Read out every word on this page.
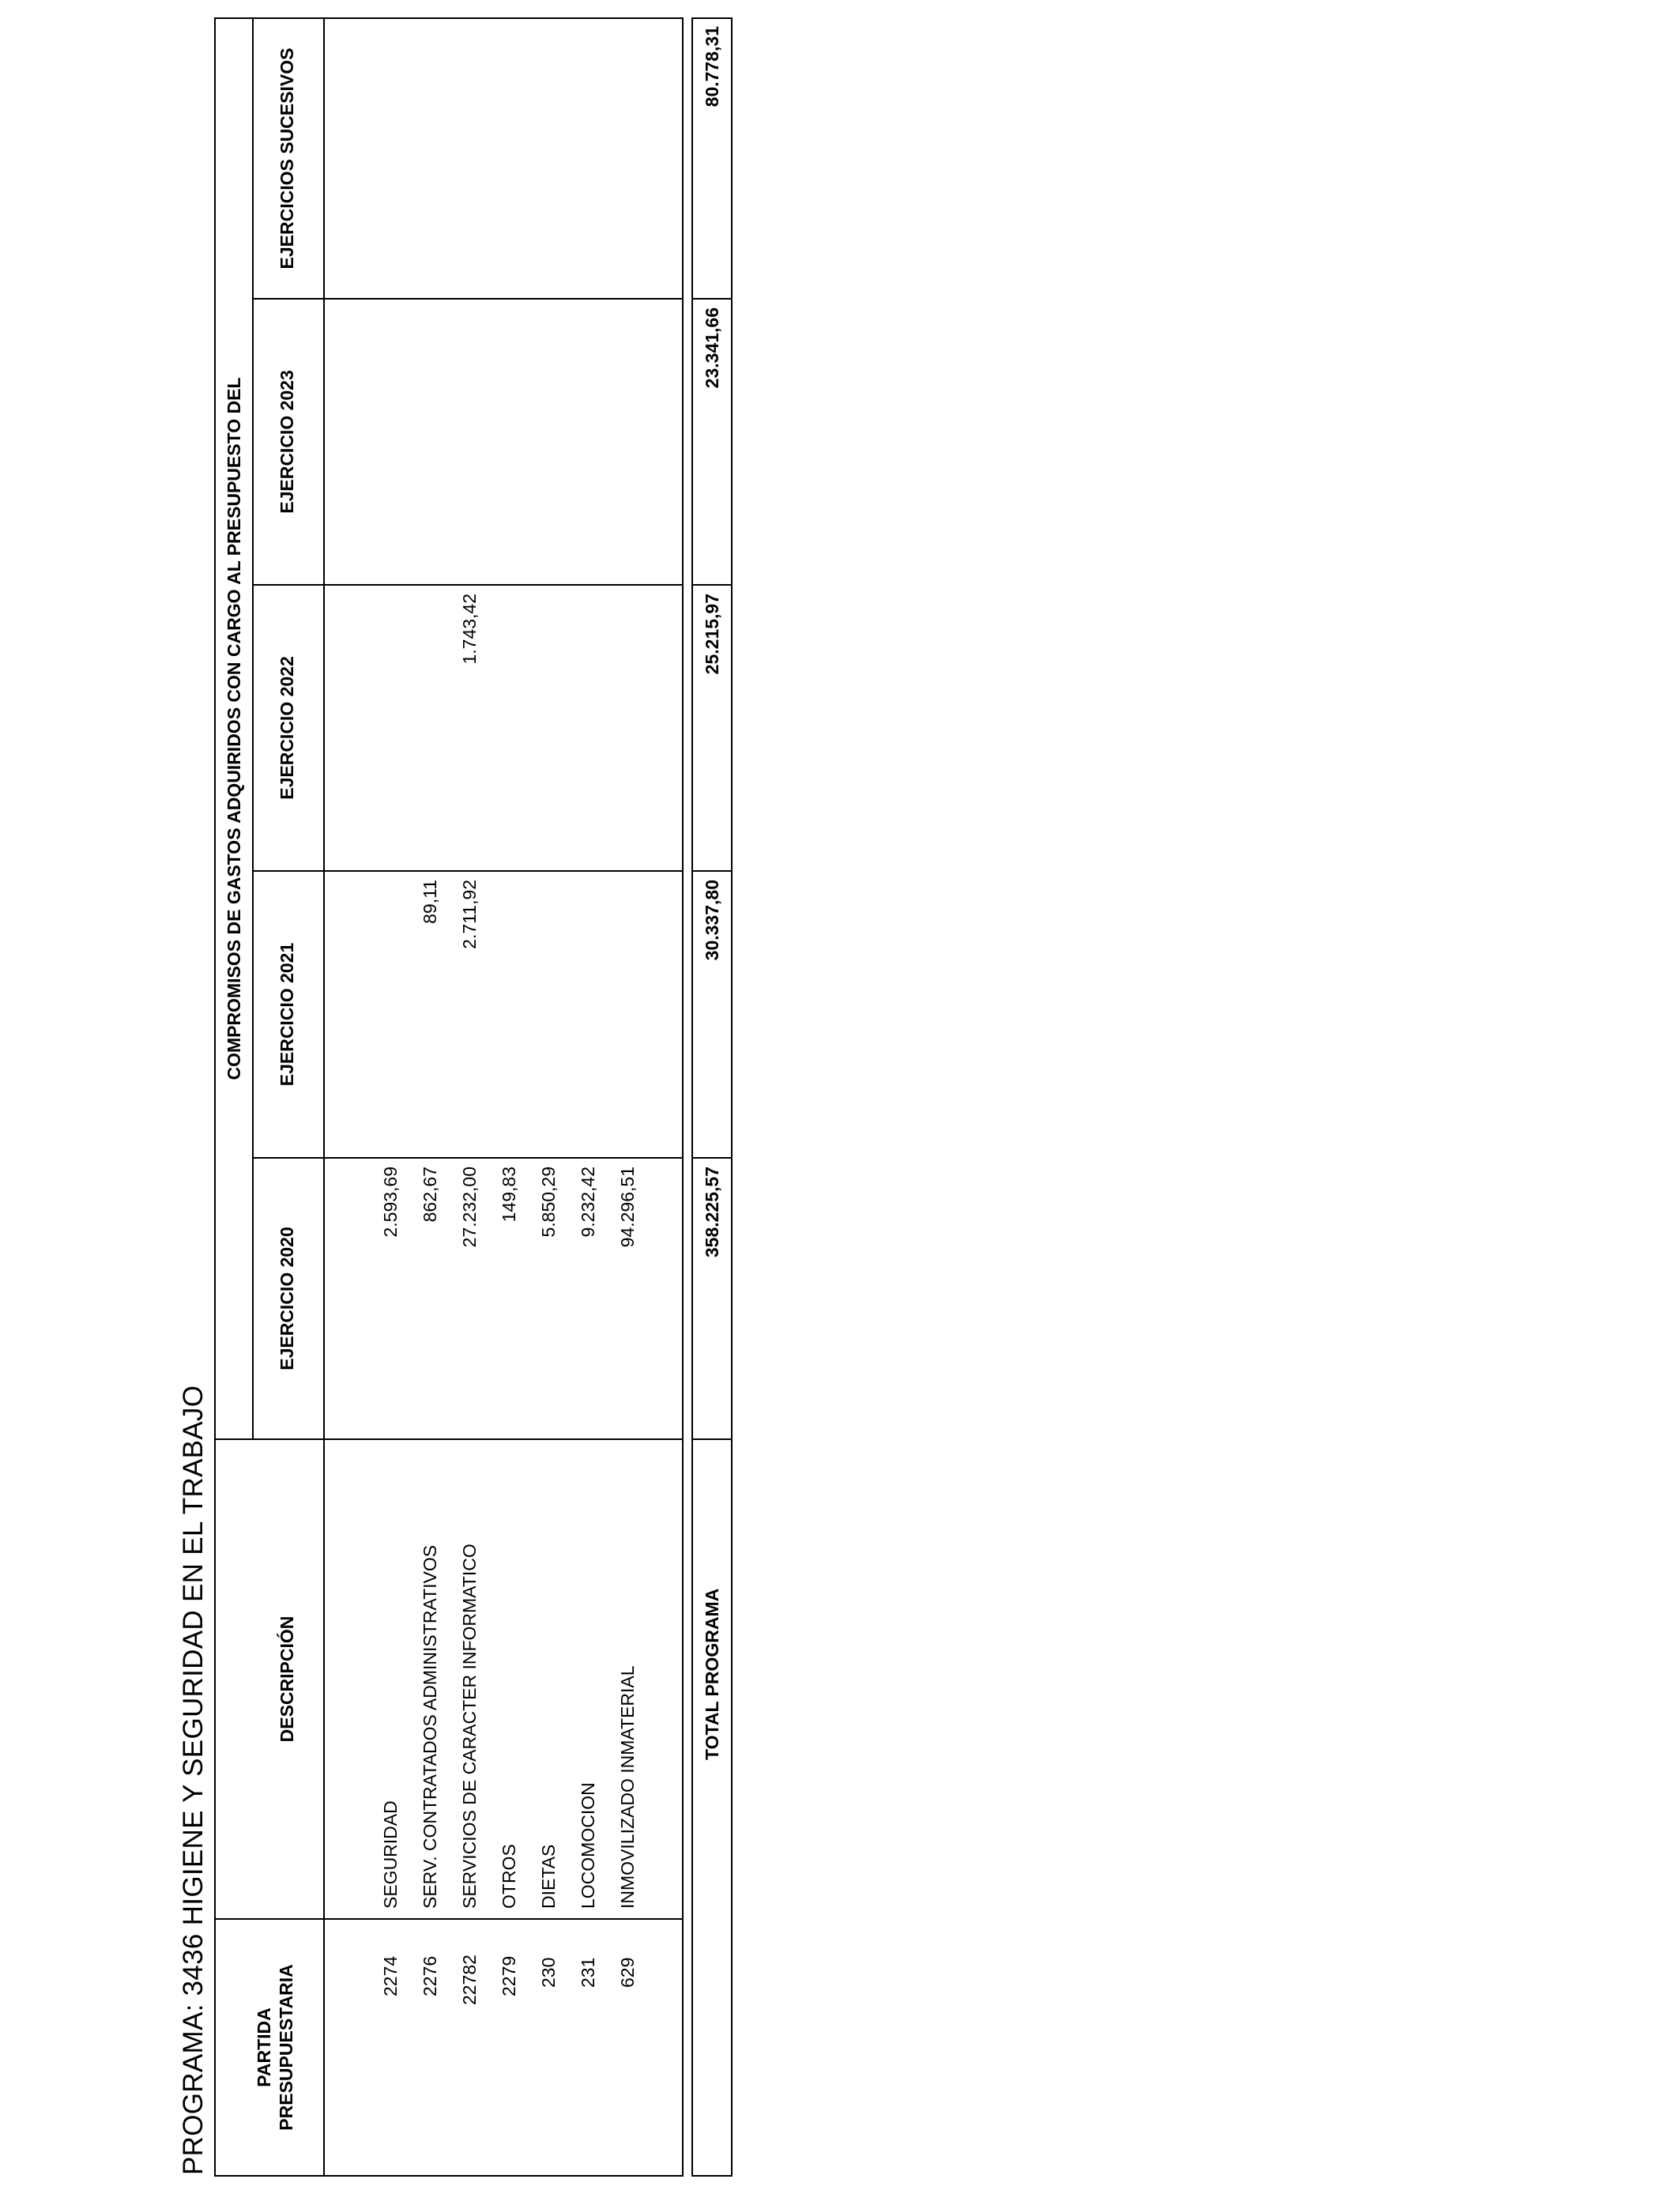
PROGRAMA: 3436 HIGIENE Y SEGURIDAD EN EL TRABAJO PARTIDA PRESUPUESTARIA
DESCRIPCIÓN
COMPROMISOS DE GASTOS ADQUIRIDOS CON CARGO AL PRESUPUESTO DEL
EJERCICIO 2020
EJERCICIO 2021
EJERCICIO 2022
EJERCICIO 2023
EJERCICIOS SUCESIVOS
2274
SEGURIDAD
2.593,69
2276
SERV. CONTRATADOS ADMINISTRATIVOS
862,67
89,11
22782
SERVICIOS DE CARACTER INFORMATICO
27.232,00
2.711,92
1.743,42
2279
OTROS
149,83
230
DIETAS
5.850,29
231
LOCOMOCION
9.232,42
629
INMOVILIZADO INMATERIAL
94.296,51
TOTAL PROGRAMA
358.225,57
30.337,80
25.215,97
23.341,66
80.778,31
